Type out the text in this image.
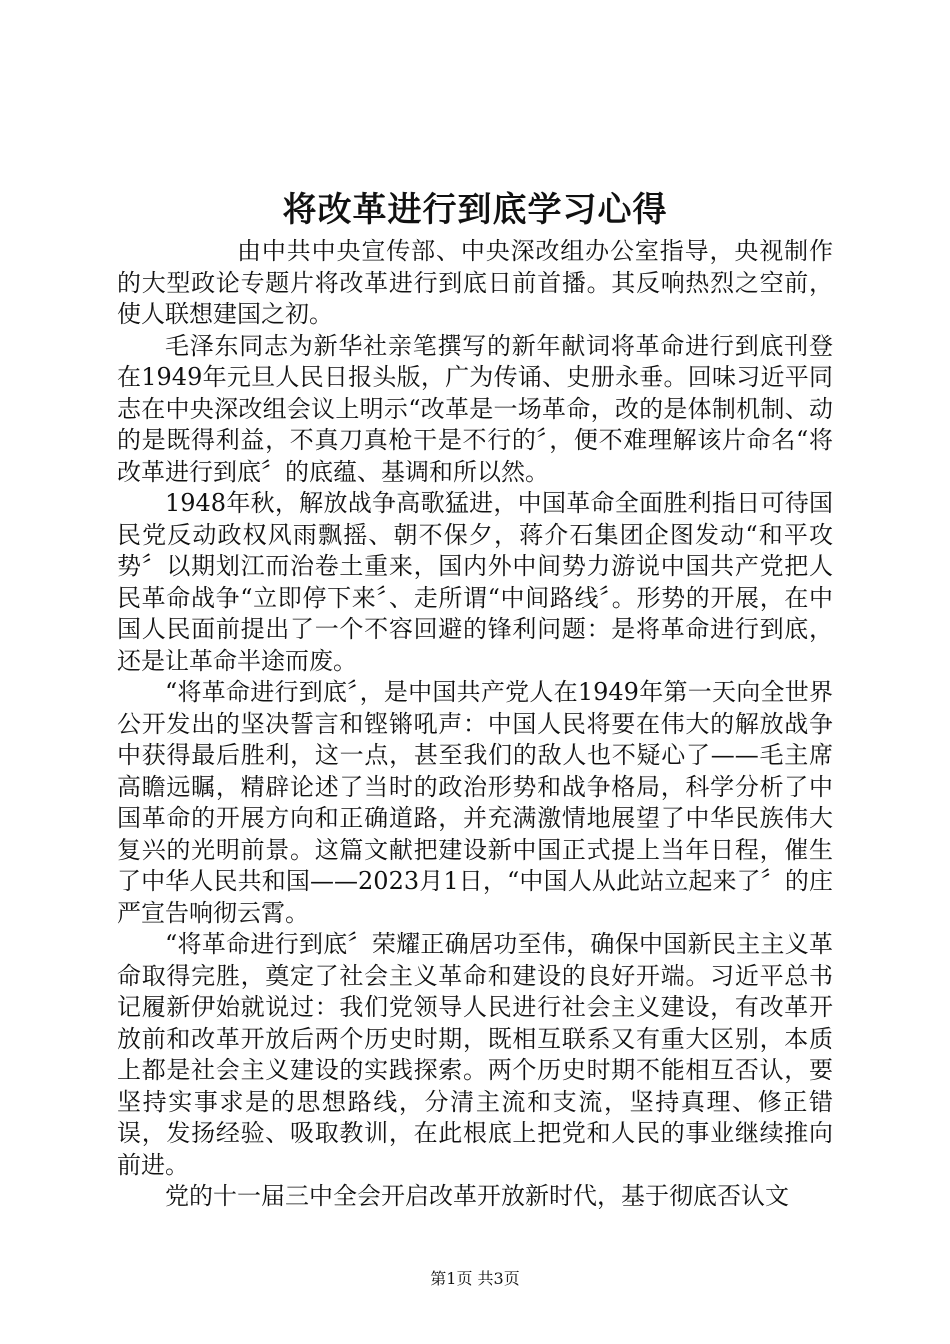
将改革进行到底学习心得

由中共中央宣传部、中央深改组办公室指导，央视制作的大型政论专题片将改革进行到底日前首播。其反响热烈之空前，使人联想建国之初。

毛泽东同志为新华社亲笔撰写的新年献词将革命进行到底刊登在1949年元旦人民日报头版，广为传诵、史册永垂。回味习近平同志在中央深改组会议上明示“改革是一场革命，改的是体制机制、动的是既得利益，不真刀真枪干是不行的〞，便不难理解该片命名“将改革进行到底〞的底蕴、基调和所以然。

1948年秋，解放战争高歌猛进，中国革命全面胜利指日可待国民党反动政权风雨飘摇、朝不保夕，蒋介石集团企图发动“和平攻势〞以期划江而治卷土重来，国内外中间势力游说中国共产党把人民革命战争“立即停下来〞、走所谓“中间路线〞。形势的开展，在中国人民面前提出了一个不容回避的锋利问题：是将革命进行到底，还是让革命半途而废。

“将革命进行到底〞，是中国共产党人在1949年第一天向全世界公开发出的坚决誓言和铿锵吼声：中国人民将要在伟大的解放战争中获得最后胜利，这一点，甚至我们的敌人也不疑心了——毛主席高瞻远瞩，精辟论述了当时的政治形势和战争格局，科学分析了中国革命的开展方向和正确道路，并充满激情地展望了中华民族伟大复兴的光明前景。这篇文献把建设新中国正式提上当年日程，催生了中华人民共和国——2023月1日，“中国人从此站立起来了〞的庄严宣告响彻云霄。

“将革命进行到底〞荣耀正确居功至伟，确保中国新民主主义革命取得完胜，奠定了社会主义革命和建设的良好开端。习近平总书记履新伊始就说过：我们党领导人民进行社会主义建设，有改革开放前和改革开放后两个历史时期，既相互联系又有重大区别，本质上都是社会主义建设的实践探索。两个历史时期不能相互否认，要坚持实事求是的思想路线，分清主流和支流，坚持真理、修正错误，发扬经验、吸取教训，在此根底上把党和人民的事业继续推向前进。

党的十一届三中全会开启改革开放新时代，基于彻底否认文

第1页 共3页
